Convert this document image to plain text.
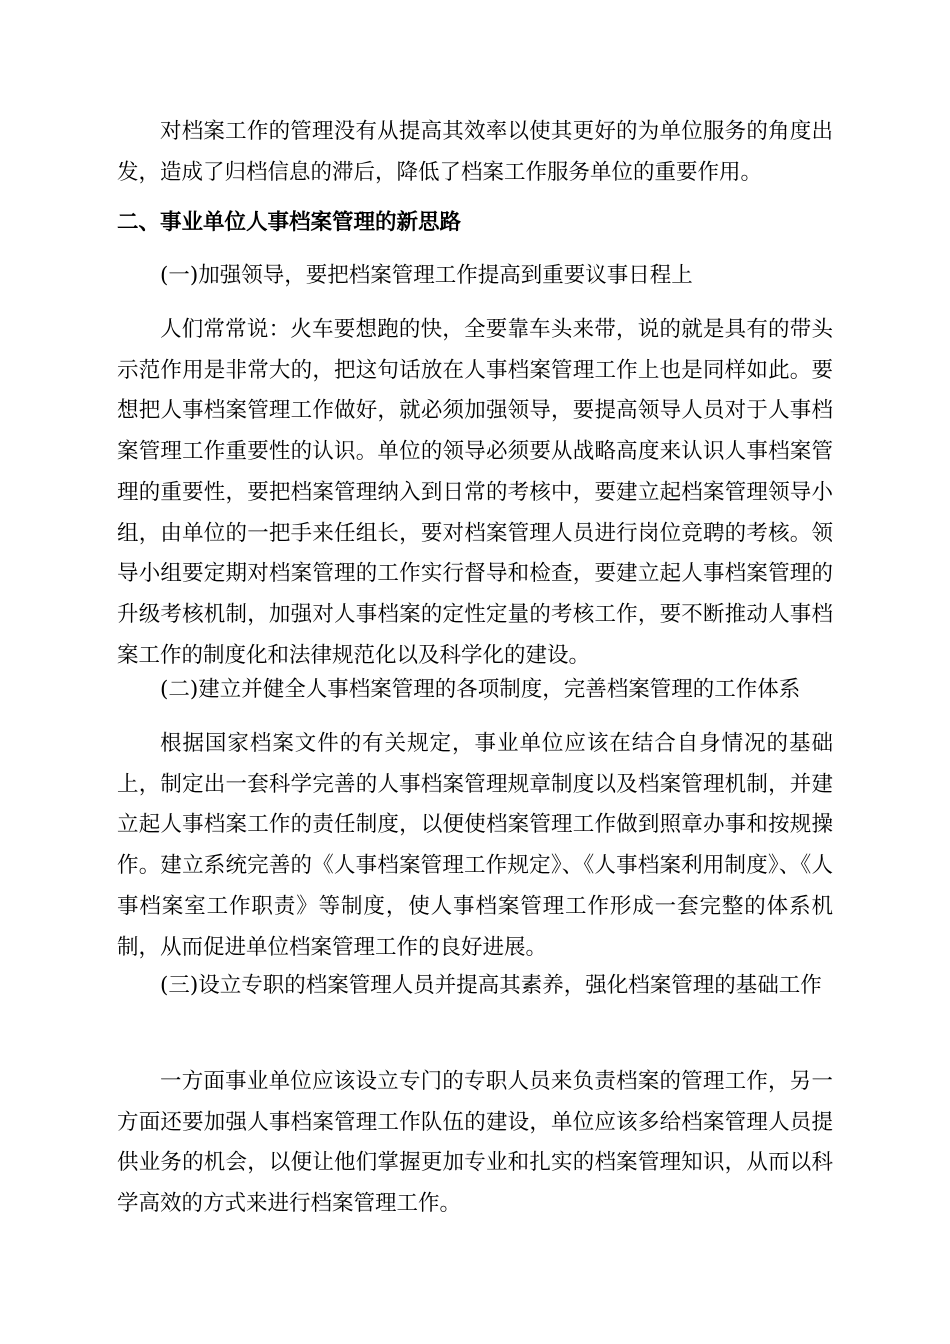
对档案工作的管理没有从提高其效率以使其更好的为单位服务的角度出发，造成了归档信息的滞后，降低了档案工作服务单位的重要作用。

二、事业单位人事档案管理的新思路

(一)加强领导，要把档案管理工作提高到重要议事日程上

人们常常说：火车要想跑的快，全要靠车头来带，说的就是具有的带头示范作用是非常大的，把这句话放在人事档案管理工作上也是同样如此。要想把人事档案管理工作做好，就必须加强领导，要提高领导人员对于人事档案管理工作重要性的认识。单位的领导必须要从战略高度来认识人事档案管理的重要性，要把档案管理纳入到日常的考核中，要建立起档案管理领导小组，由单位的一把手来任组长，要对档案管理人员进行岗位竞聘的考核。领导小组要定期对档案管理的工作实行督导和检查，要建立起人事档案管理的升级考核机制，加强对人事档案的定性定量的考核工作，要不断推动人事档案工作的制度化和法律规范化以及科学化的建设。

(二)建立并健全人事档案管理的各项制度，完善档案管理的工作体系

根据国家档案文件的有关规定，事业单位应该在结合自身情况的基础上，制定出一套科学完善的人事档案管理规章制度以及档案管理机制，并建立起人事档案工作的责任制度，以便使档案管理工作做到照章办事和按规操作。建立系统完善的《人事档案管理工作规定》、《人事档案利用制度》、《人事档案室工作职责》等制度，使人事档案管理工作形成一套完整的体系机制，从而促进单位档案管理工作的良好进展。

(三)设立专职的档案管理人员并提高其素养，强化档案管理的基础工作

一方面事业单位应该设立专门的专职人员来负责档案的管理工作，另一方面还要加强人事档案管理工作队伍的建设，单位应该多给档案管理人员提供业务的机会，以便让他们掌握更加专业和扎实的档案管理知识，从而以科学高效的方式来进行档案管理工作。
